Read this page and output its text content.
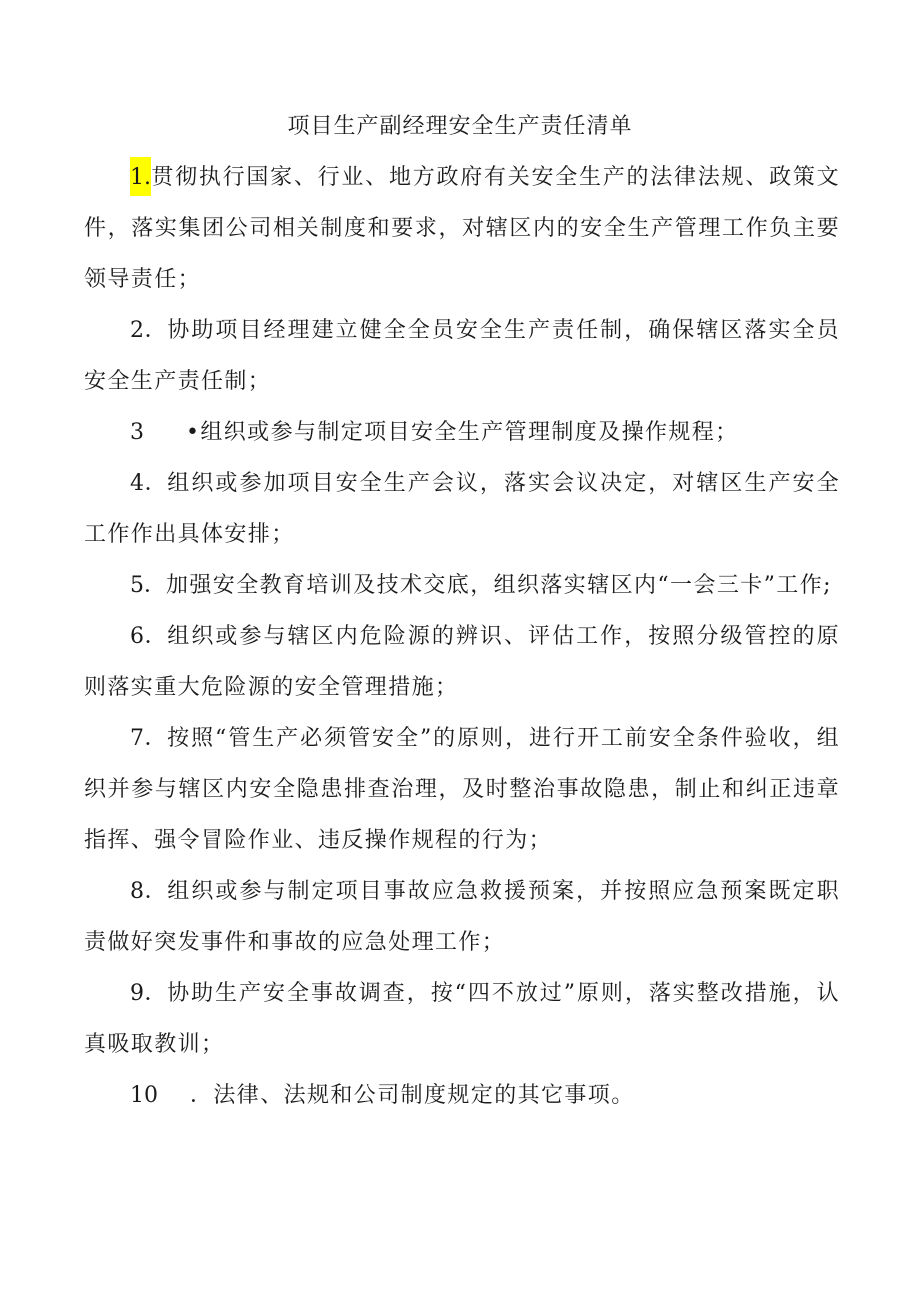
项目生产副经理安全生产责任清单

1.贯彻执行国家、行业、地方政府有关安全生产的法律法规、政策文件，落实集团公司相关制度和要求，对辖区内的安全生产管理工作负主要领导责任；

2．协助项目经理建立健全全员安全生产责任制，确保辖区落实全员安全生产责任制；

3 •组织或参与制定项目安全生产管理制度及操作规程；

4．组织或参加项目安全生产会议，落实会议决定，对辖区生产安全工作作出具体安排；

5．加强安全教育培训及技术交底，组织落实辖区内“一会三卡”工作;

6．组织或参与辖区内危险源的辨识、评估工作，按照分级管控的原则落实重大危险源的安全管理措施；

7．按照“管生产必须管安全”的原则，进行开工前安全条件验收，组织并参与辖区内安全隐患排查治理，及时整治事故隐患，制止和纠正违章指挥、强令冒险作业、违反操作规程的行为；

8．组织或参与制定项目事故应急救援预案，并按照应急预案既定职责做好突发事件和事故的应急处理工作；

9．协助生产安全事故调查，按“四不放过”原则，落实整改措施，认真吸取教训；

10 ．法律、法规和公司制度规定的其它事项。
